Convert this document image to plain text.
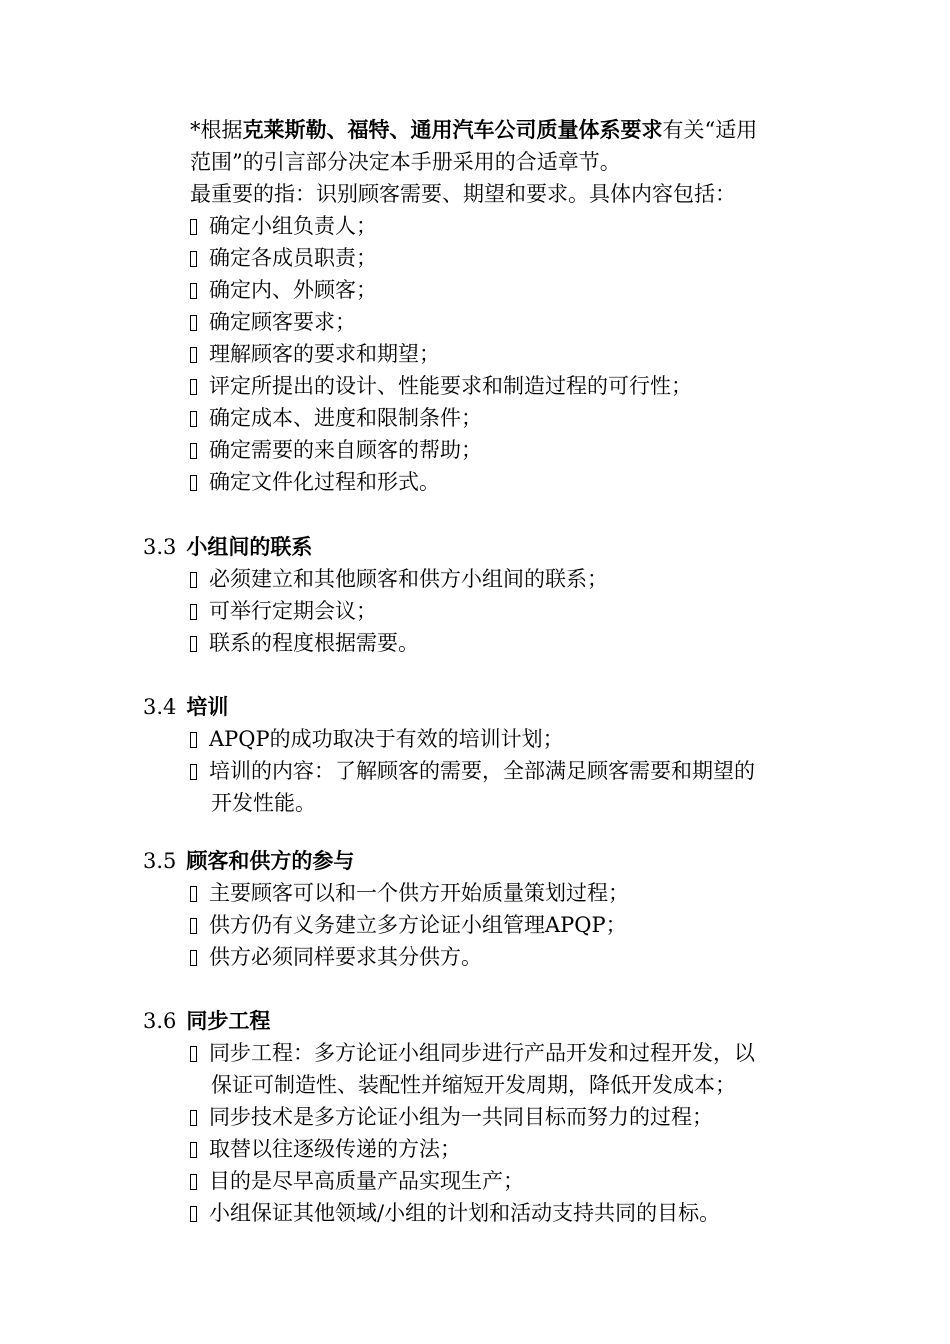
*根据克莱斯勒、福特、通用汽车公司质量体系要求有关“适用
范围”的引言部分决定本手册采用的合适章节。
最重要的指：识别顾客需要、期望和要求。具体内容包括：
确定小组负责人；
确定各成员职责；
确定内、外顾客；
确定顾客要求；
理解顾客的要求和期望；
评定所提出的设计、性能要求和制造过程的可行性；
确定成本、进度和限制条件；
确定需要的来自顾客的帮助；
确定文件化过程和形式。
3.3 小组间的联系
必须建立和其他顾客和供方小组间的联系；
可举行定期会议；
联系的程度根据需要。
3.4 培训
APQP的成功取决于有效的培训计划；
培训的内容：了解顾客的需要，全部满足顾客需要和期望的
开发性能。
3.5 顾客和供方的参与
主要顾客可以和一个供方开始质量策划过程；
供方仍有义务建立多方论证小组管理APQP；
供方必须同样要求其分供方。
3.6 同步工程
同步工程：多方论证小组同步进行产品开发和过程开发，以
保证可制造性、装配性并缩短开发周期，降低开发成本；
同步技术是多方论证小组为一共同目标而努力的过程；
取替以往逐级传递的方法；
目的是尽早高质量产品实现生产；
小组保证其他领域/小组的计划和活动支持共同的目标。
